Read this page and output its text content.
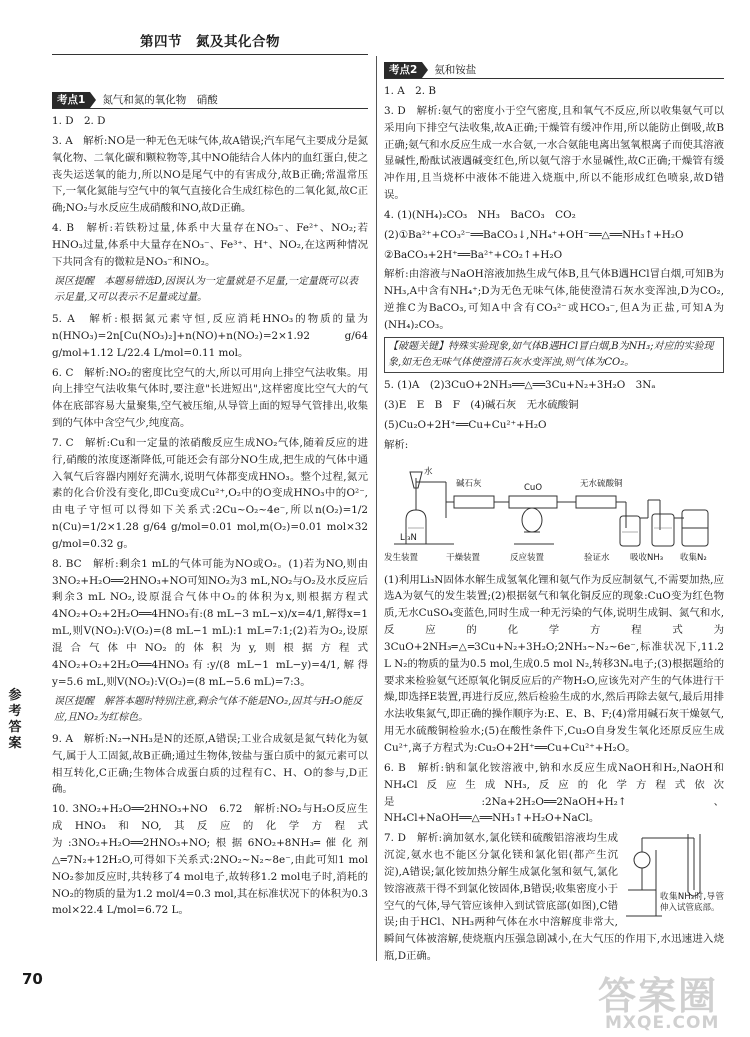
第四节　氮及其化合物
考点1	氮气和氮的氧化物　硝酸
1. D　2. D
3. A　解析:NO是一种无色无味气体,故A错误;汽车尾气主要成分是氮氧化物、二氧化碳和颗粒物等,其中NO能结合人体内的血红蛋白,使之丧失运送氧的能力,所以NO是尾气中的有害成分,故B正确;常温常压下,一氧化氮能与空气中的氧气直接化合生成红棕色的二氧化氮,故C正确;NO₂与水反应生成硝酸和NO,故D正确。
4. B　解析:若铁粉过量,体系中大量存在NO₃⁻、Fe²⁺、NO₂;若HNO₃过量,体系中大量存在NO₃⁻、Fe³⁺、H⁺、NO₂,在这两种情况下共同含有的微粒是NO₃⁻和NO₂。
误区提醒　本题易错选D,因误认为一定量就是不足量,一定量既可以表示足量,又可以表示不足量或过量。
5. A　解析:根据氮元素守恒,反应消耗HNO₃的物质的量为n(HNO₃)=2n[Cu(NO₃)₂]+n(NO)+n(NO₂)=2×1.92 g/64 g/mol+1.12 L/22.4 L/mol=0.11 mol。
6. C　解析:NO₂的密度比空气的大,所以可用向上排空气法收集。用向上排空气法收集气体时,要注意"长进短出",这样密度比空气大的气体在底部容易大量聚集,空气被压缩,从导管上面的短导气管排出,收集到的气体中含空气少,纯度高。
7. C　解析:Cu和一定量的浓硝酸反应生成NO₂气体,随着反应的进行,硝酸的浓度逐渐降低,可能还会有部分NO生成,把生成的气体中通入氧气后容器内刚好充满水,说明气体都变成HNO₃。整个过程,氮元素的化合价没有变化,即Cu变成Cu²⁺,O₂中的O变成HNO₃中的O²⁻,由电子守恒可以得如下关系式:2Cu~O₂~4e⁻,所以n(O₂)=1/2 n(Cu)=1/2×1.28 g/64 g/mol=0.01 mol,m(O₂)=0.01 mol×32 g/mol=0.32 g。
8. BC　解析:剩余1 mL的气体可能为NO或O₂。(1)若为NO,则由3NO₂+H₂O══2HNO₃+NO可知NO₂为3 mL,NO₂与O₂及水反应后剩余3 mL NO₂,设原混合气体中O₂的体积为x,则根据方程式4NO₂+O₂+2H₂O══4HNO₃有:(8 mL−3 mL−x)/x=4/1,解得x=1 mL,则V(NO₂):V(O₂)=(8 mL−1 mL):1 mL=7:1;(2)若为O₂,设原混合气体中NO₂的体积为y,则根据方程式4NO₂+O₂+2H₂O══4HNO₃有:y/(8 mL−1 mL−y)=4/1,解得y=5.6 mL,则V(NO₂):V(O₂)=(8 mL−5.6 mL)=7:3。
误区提醒　解答本题时特别注意,剩余气体不能是NO₂,因其与H₂O能反应,且NO₂为红棕色。
9. A　解析:N₂→NH₃是N的还原,A错误;工业合成氨是氮气转化为氨气,属于人工固氮,故B正确;通过生物体,铵盐与蛋白质中的氮元素可以相互转化,C正确;生物体合成蛋白质的过程有C、H、O的参与,D正确。
10. 3NO₂+H₂O══2HNO₃+NO　6.72　解析:NO₂与H₂O反应生成HNO₃和NO,其反应的化学方程式为:3NO₂+H₂O══2HNO₃+NO;根据6NO₂+8NH₃═催化剂△═7N₂+12H₂O,可得如下关系式:2NO₂~N₂~8e⁻,由此可知1 mol NO₂参加反应时,共转移了4 mol电子,故转移1.2 mol电子时,消耗的NO₂的物质的量为1.2 mol/4=0.3 mol,其在标准状况下的体积为0.3 mol×22.4 L/mol=6.72 L。
考点2	氨和铵盐
1. A　2. B
3. D　解析:氨气的密度小于空气密度,且和氧气不反应,所以收集氨气可以采用向下排空气法收集,故A正确;干燥管有缓冲作用,所以能防止倒吸,故B正确;氨气和水反应生成一水合氨,一水合氨能电离出氢氧根离子而使其溶液显碱性,酚酞试液遇碱变红色,所以氨气溶于水显碱性,故C正确;干燥管有缓冲作用,且当烧杯中液体不能进入烧瓶中,所以不能形成红色喷泉,故D错误。
4. (1)(NH₄)₂CO₃　NH₃　BaCO₃　CO₂
(2)①Ba²⁺+CO₃²⁻══BaCO₃↓,NH₄⁺+OH⁻══△══NH₃↑+H₂O
②BaCO₃+2H⁺══Ba²⁺+CO₂↑+H₂O
解析:由溶液与NaOH溶液加热生成气体B,且气体B遇HCl冒白烟,可知B为NH₃,A中含有NH₄⁺;D为无色无味气体,能使澄清石灰水变浑浊,D为CO₂,逆推C为BaCO₃,可知A中含有CO₃²⁻或HCO₃⁻,但A为正盐,可知A为(NH₄)₂CO₃。
【破题关键】特殊实验现象,如气体B遇HCl冒白烟,B为NH₃;对应的实验现象,如无色无味气体使澄清石灰水变浑浊,则气体为CO₂。
5. (1)A　(2)3CuO+2NH₃══△══3Cu+N₂+3H₂O　3Nₐ
(3)E　E　B　F　(4)碱石灰　无水硫酸铜
(5)Cu₂O+2H⁺══Cu+Cu²⁺+H₂O
解析:
水
碱石灰	CuO	无水硫酸铜
Li₃N
发生装置	干燥装置	反应装置	验证水 吸收NH₃ 收集N₂
(1)利用Li₃N固体水解生成氢氧化锂和氨气作为反应制氨气,不需要加热,应选A为氨气的发生装置;(2)根据氨气和氧化铜反应的现象:CuO变为红色物质,无水CuSO₄变蓝色,同时生成一种无污染的气体,说明生成铜、氮气和水,反应的化学方程式为3CuO+2NH₃═△═3Cu+N₂+3H₂O;2NH₃~N₂~6e⁻,标准状况下,11.2 L N₂的物质的量为0.5 mol,生成0.5 mol N₂,转移3Nₐ电子;(3)根据题给的要求来检验氨气还原氧化铜反应后的产物H₂O,应该先对产生的气体进行干燥,即选择E装置,再进行反应,然后检验生成的水,然后再除去氨气,最后用排水法收集氮气,即正确的操作顺序为:E、E、B、F;(4)常用碱石灰干燥氨气,用无水硫酸铜检验水;(5)在酸性条件下,Cu₂O自身发生氧化还原反应生成Cu²⁺,离子方程式为:Cu₂O+2H⁺══Cu+Cu²⁺+H₂O。
6. B　解析:钠和氯化铵溶液中,钠和水反应生成NaOH和H₂,NaOH和NH₄Cl反应生成NH₃,反应的化学方程式依次是:2Na+2H₂O══2NaOH+H₂↑、NH₄Cl+NaOH══△══NH₃↑+H₂O+NaCl。
收集NH₃时,导管伸入试管底部。
7. D　解析:滴加氨水,氯化镁和硫酸铝溶液均生成沉淀,氨水也不能区分氯化镁和氯化铝(都产生沉淀),A错误;氯化铵加热分解生成氯化氢和氨气,氯化铵溶液蒸干得不到氯化铵固体,B错误;收集密度小于空气的气体,导气管应该伸入到试管底部(如图),C错误;由于HCl、NH₃两种气体在水中溶解度非常大,瞬间气体被溶解,使烧瓶内压强急剧减小,在大气压的作用下,水迅速进入烧瓶,D正确。
参考答案
70	答案圈
MXQE.COM
